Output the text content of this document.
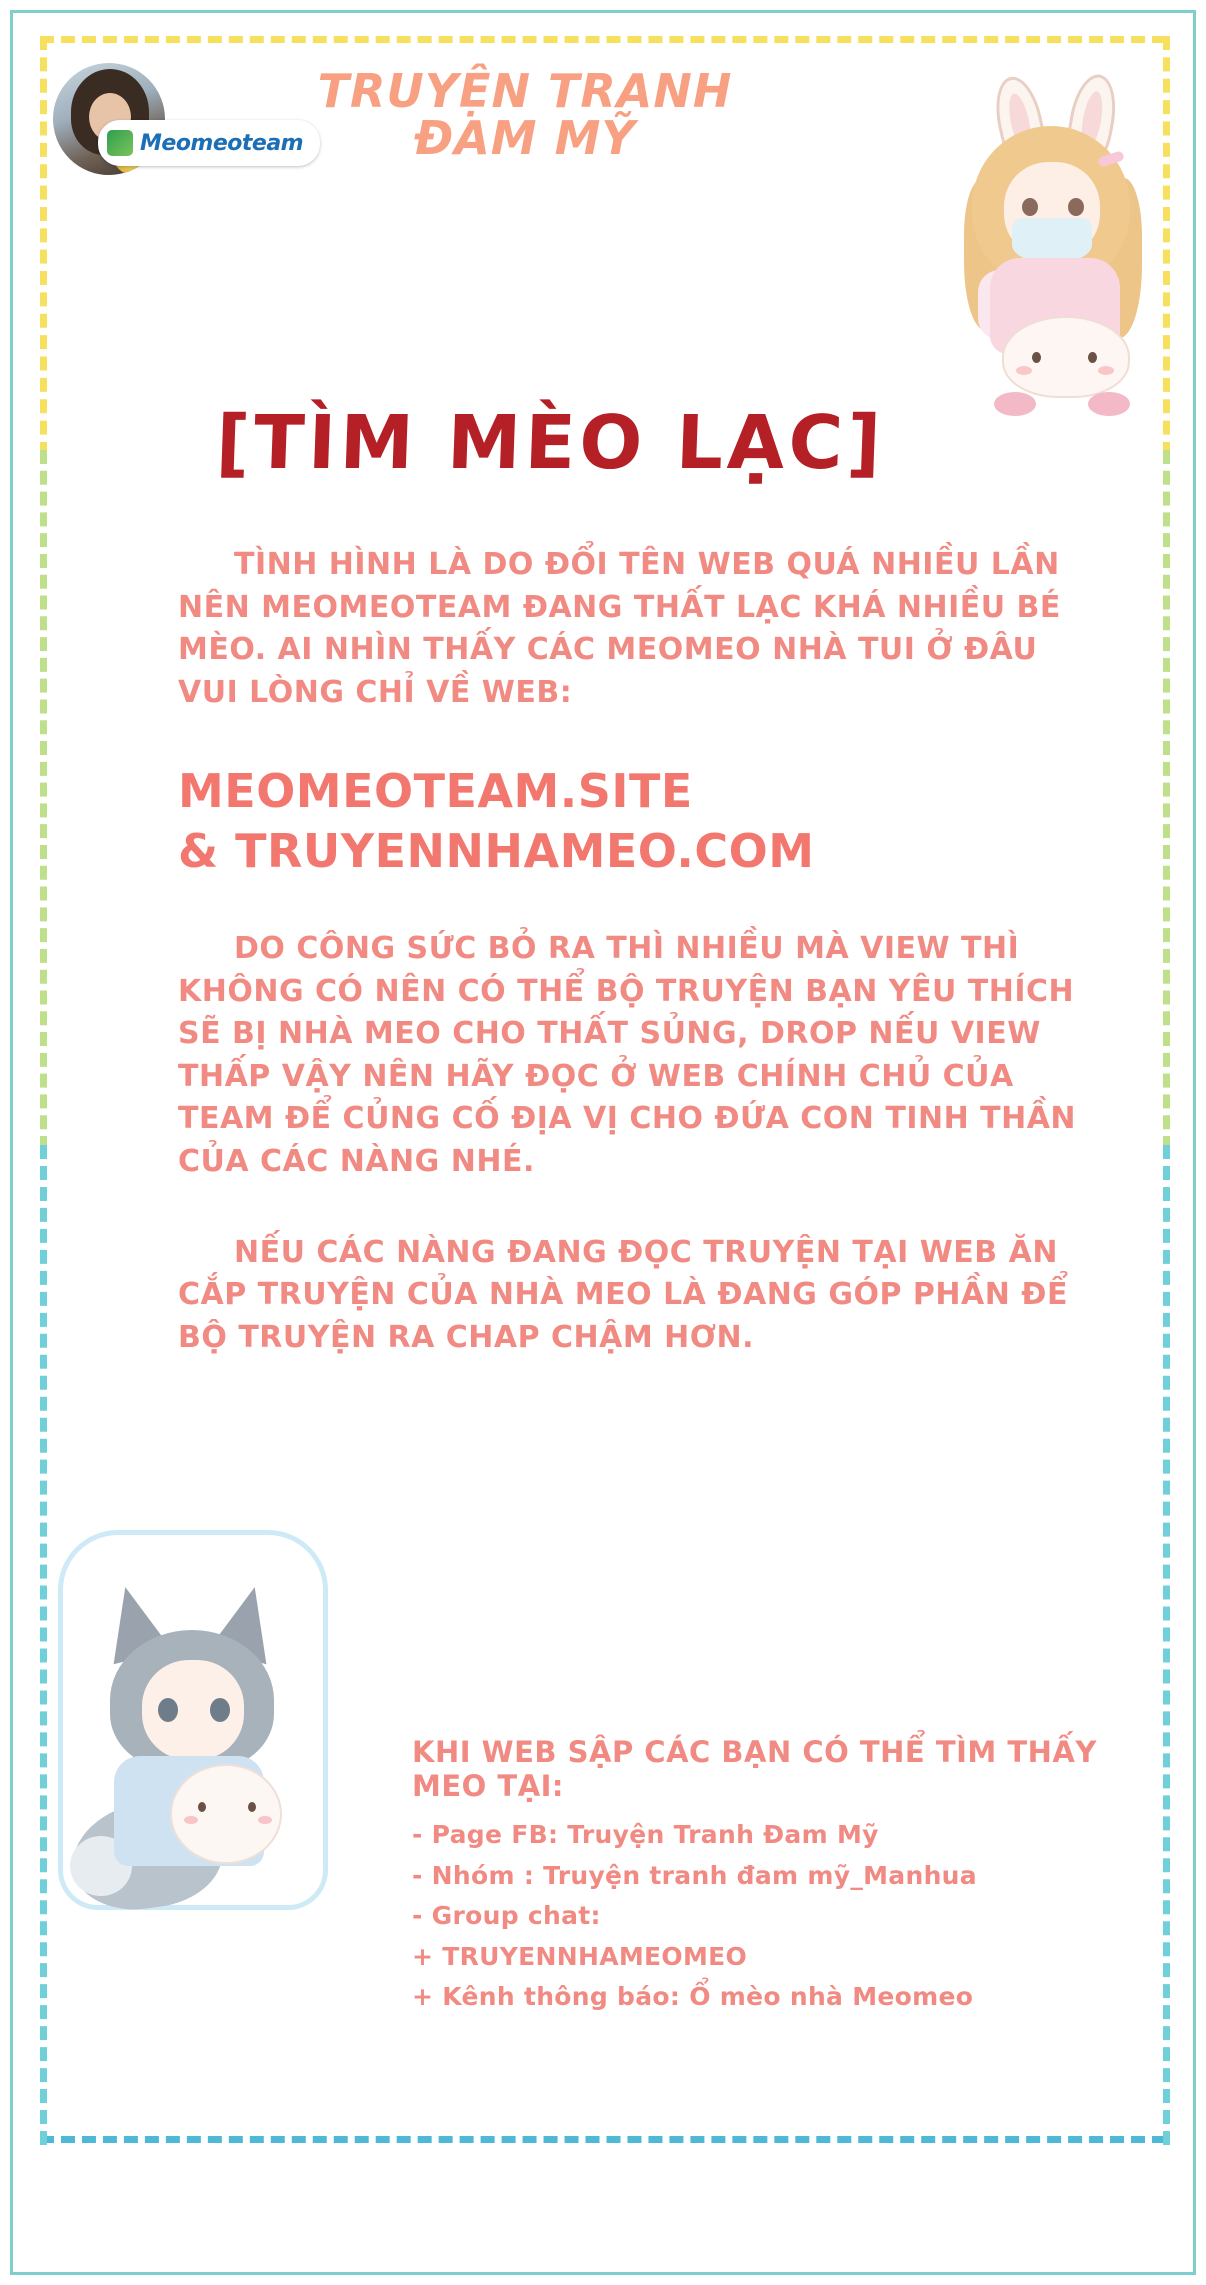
Meomeoteam
TRUYỆN TRANH
ĐAM MỸ
[TÌM MÈO LẠC]

TÌNH HÌNH LÀ DO ĐỔI TÊN WEB QUÁ NHIỀU LẦN NÊN MEOMEOTEAM ĐANG THẤT LẠC KHÁ NHIỀU BÉ MÈO. AI NHÌN THẤY CÁC MEOMEO NHÀ TUI Ở ĐÂU VUI LÒNG CHỈ VỀ WEB:

MEOMEOTEAM.SITE
& TRUYENNHAMEO.COM

DO CÔNG SỨC BỎ RA THÌ NHIỀU MÀ VIEW THÌ KHÔNG CÓ NÊN CÓ THỂ BỘ TRUYỆN BẠN YÊU THÍCH SẼ BỊ NHÀ MEO CHO THẤT SỦNG, DROP NẾU VIEW THẤP VẬY NÊN HÃY ĐỌC Ở WEB CHÍNH CHỦ CỦA TEAM ĐỂ CỦNG CỐ ĐỊA VỊ CHO ĐỨA CON TINH THẦN CỦA CÁC NÀNG NHÉ.

NẾU CÁC NÀNG ĐANG ĐỌC TRUYỆN TẠI WEB ĂN CẮP TRUYỆN CỦA NHÀ MEO LÀ ĐANG GÓP PHẦN ĐỂ BỘ TRUYỆN RA CHAP CHẬM HƠN.

KHI WEB SẬP CÁC BẠN CÓ THỂ TÌM THẤY MEO TẠI:
- Page FB: Truyện Tranh Đam Mỹ
- Nhóm : Truyện tranh đam mỹ_Manhua
- Group chat:
+ TRUYENNHAMEOMEO
+ Kênh thông báo: Ổ mèo nhà Meomeo
